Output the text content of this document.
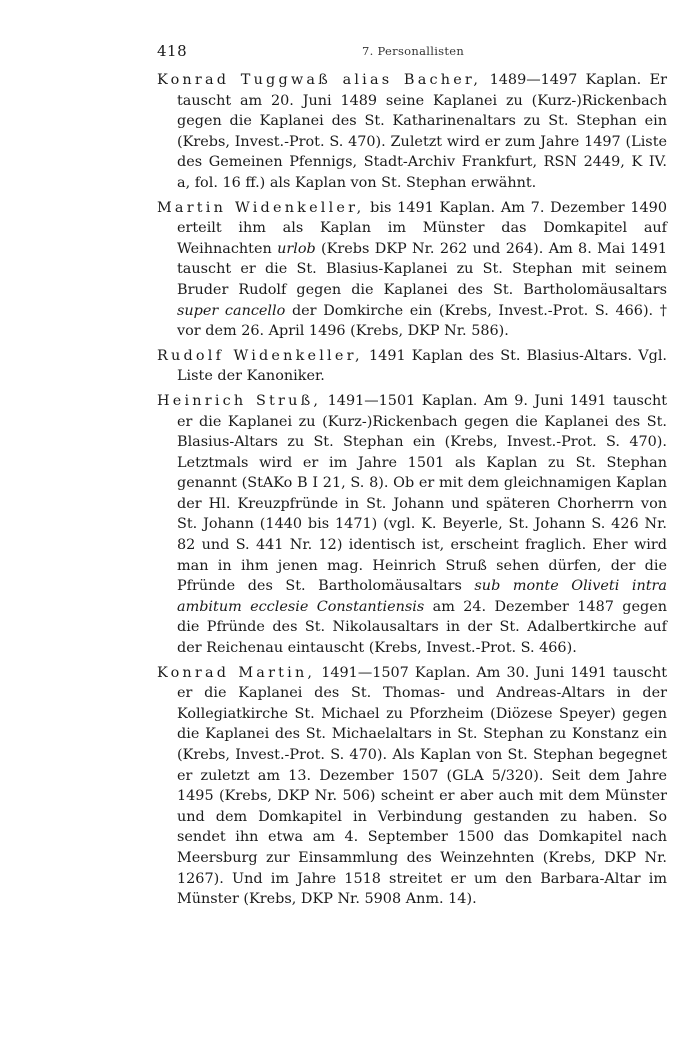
418	7. Personallisten

Konrad Tuggwaß alias Bacher, 1489—1497 Kaplan. Er tauscht am 20. Juni 1489 seine Kaplanei zu (Kurz-)Rickenbach gegen die Kaplanei des St. Katharinenaltars zu St. Stephan ein (Krebs, Invest.-Prot. S. 470). Zuletzt wird er zum Jahre 1497 (Liste des Gemeinen Pfennigs, Stadt-Archiv Frankfurt, RSN 2449, K IV. a, fol. 16 ff.) als Kaplan von St. Stephan erwähnt.

Martin Widenkeller, bis 1491 Kaplan. Am 7. Dezember 1490 erteilt ihm als Kaplan im Münster das Domkapitel auf Weihnachten urlob (Krebs DKP Nr. 262 und 264). Am 8. Mai 1491 tauscht er die St. Blasius-Kaplanei zu St. Stephan mit seinem Bruder Rudolf gegen die Kaplanei des St. Bartholomäusaltars super cancello der Domkirche ein (Krebs, Invest.-Prot. S. 466). † vor dem 26. April 1496 (Krebs, DKP Nr. 586).

Rudolf Widenkeller, 1491 Kaplan des St. Blasius-Altars. Vgl. Liste der Kanoniker.

Heinrich Struß, 1491—1501 Kaplan. Am 9. Juni 1491 tauscht er die Kaplanei zu (Kurz-)Rickenbach gegen die Kaplanei des St. Blasius-Altars zu St. Stephan ein (Krebs, Invest.-Prot. S. 470). Letztmals wird er im Jahre 1501 als Kaplan zu St. Stephan genannt (StAKo B I 21, S. 8). Ob er mit dem gleichnamigen Kaplan der Hl. Kreuzpfründe in St. Johann und späteren Chorherrn von St. Johann (1440 bis 1471) (vgl. K. Beyerle, St. Johann S. 426 Nr. 82 und S. 441 Nr. 12) identisch ist, erscheint fraglich. Eher wird man in ihm jenen mag. Heinrich Struß sehen dürfen, der die Pfründe des St. Bartholomäusaltars sub monte Oliveti intra ambitum ecclesie Constantiensis am 24. Dezember 1487 gegen die Pfründe des St. Nikolausaltars in der St. Adalbertkirche auf der Reichenau eintauscht (Krebs, Invest.-Prot. S. 466).

Konrad Martin, 1491—1507 Kaplan. Am 30. Juni 1491 tauscht er die Kaplanei des St. Thomas- und Andreas-Altars in der Kollegiatkirche St. Michael zu Pforzheim (Diözese Speyer) gegen die Kaplanei des St. Michaelaltars in St. Stephan zu Konstanz ein (Krebs, Invest.-Prot. S. 470). Als Kaplan von St. Stephan begegnet er zuletzt am 13. Dezember 1507 (GLA 5/320). Seit dem Jahre 1495 (Krebs, DKP Nr. 506) scheint er aber auch mit dem Münster und dem Domkapitel in Verbindung gestanden zu haben. So sendet ihn etwa am 4. September 1500 das Domkapitel nach Meersburg zur Einsammlung des Weinzehnten (Krebs, DKP Nr. 1267). Und im Jahre 1518 streitet er um den Barbara-Altar im Münster (Krebs, DKP Nr. 5908 Anm. 14).
